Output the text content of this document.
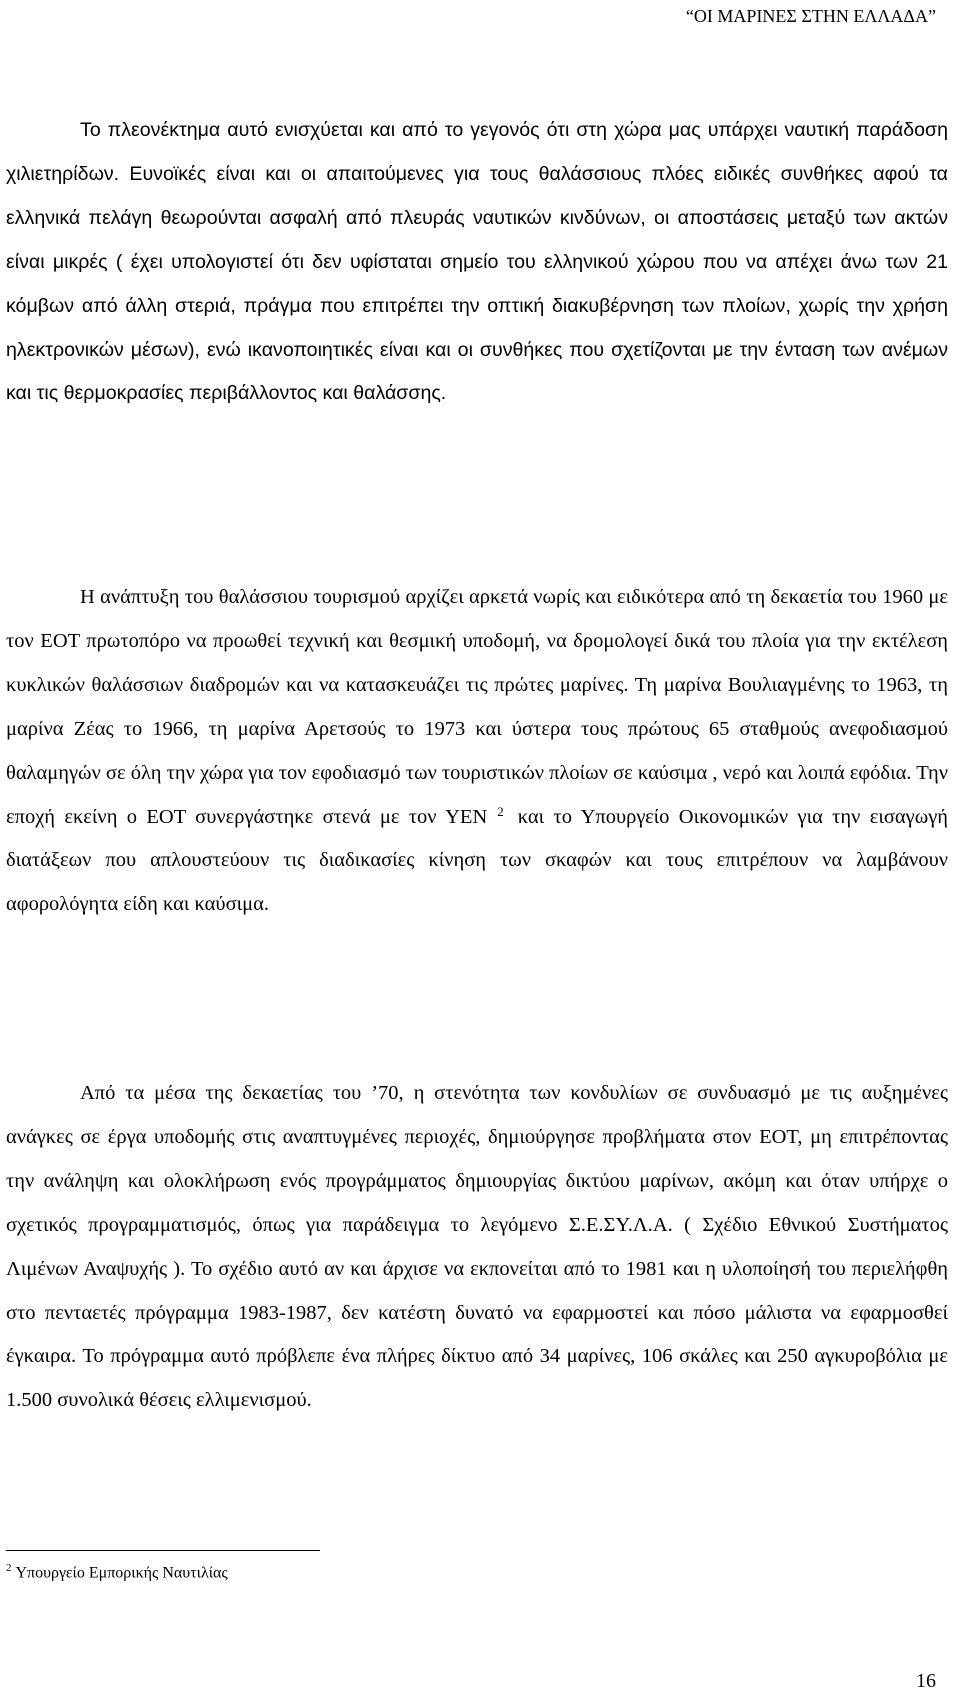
“ΟΙ ΜΑΡΙΝΕΣ ΣΤΗΝ ΕΛΛΑΔΑ”

Το πλεονέκτημα αυτό ενισχύεται και από το γεγονός ότι στη χώρα μας υπάρχει ναυτική παράδοση χιλιετηρίδων. Ευνοϊκές είναι και οι απαιτούμενες για τους θαλάσσιους πλόες ειδικές συνθήκες αφού τα ελληνικά πελάγη θεωρούνται ασφαλή από πλευράς ναυτικών κινδύνων, οι αποστάσεις μεταξύ των ακτών είναι μικρές ( έχει υπολογιστεί ότι δεν υφίσταται σημείο του ελληνικού χώρου που να απέχει άνω των 21 κόμβων από άλλη στεριά, πράγμα που επιτρέπει την οπτική διακυβέρνηση των πλοίων, χωρίς την χρήση ηλεκτρονικών μέσων), ενώ ικανοποιητικές είναι και οι συνθήκες που σχετίζονται με την ένταση των ανέμων και τις θερμοκρασίες περιβάλλοντος και θαλάσσης.

Η ανάπτυξη του θαλάσσιου τουρισμού αρχίζει αρκετά νωρίς και ειδικότερα από τη δεκαετία του 1960 με τον ΕΟΤ πρωτοπόρο να προωθεί τεχνική και θεσμική υποδομή, να δρομολογεί δικά του πλοία για την εκτέλεση κυκλικών θαλάσσιων διαδρομών και να κατασκευάζει τις πρώτες μαρίνες. Τη μαρίνα Βουλιαγμένης το 1963, τη μαρίνα Ζέας το 1966, τη μαρίνα Αρετσούς το 1973 και ύστερα τους πρώτους 65 σταθμούς ανεφοδιασμού θαλαμηγών σε όλη την χώρα για τον εφοδιασμό των τουριστικών πλοίων σε καύσιμα , νερό και λοιπά εφόδια. Την εποχή εκείνη ο ΕΟΤ συνεργάστηκε στενά με τον ΥΕΝ $^2$ και το Υπουργείο Οικονομικών για την εισαγωγή διατάξεων που απλουστεύουν τις διαδικασίες κίνηση των σκαφών και τους επιτρέπουν να λαμβάνουν αφορολόγητα είδη και καύσιμα.

Από τα μέσα της δεκαετίας του ’70, η στενότητα των κονδυλίων σε συνδυασμό με τις αυξημένες ανάγκες σε έργα υποδομής στις αναπτυγμένες περιοχές, δημιούργησε προβλήματα στον ΕΟΤ, μη επιτρέποντας την ανάληψη και ολοκλήρωση ενός προγράμματος δημιουργίας δικτύου μαρίνων, ακόμη και όταν υπήρχε ο σχετικός προγραμματισμός, όπως για παράδειγμα το λεγόμενο Σ.Ε.ΣΥ.Λ.Α. ( Σχέδιο Εθνικού Συστήματος Λιμένων Αναψυχής ). Το σχέδιο αυτό αν και άρχισε να εκπονείται από το 1981 και η υλοποίησή του περιελήφθη στο πενταετές πρόγραμμα 1983-1987, δεν κατέστη δυνατό να εφαρμοστεί και πόσο μάλιστα να εφαρμοσθεί έγκαιρα. Το πρόγραμμα αυτό πρόβλεπε ένα πλήρες δίκτυο από 34 μαρίνες, 106 σκάλες και 250 αγκυροβόλια με 1.500 συνολικά θέσεις ελλιμενισμού.

$^2$ Υπουργείο Εμπορικής Ναυτιλίας
16
